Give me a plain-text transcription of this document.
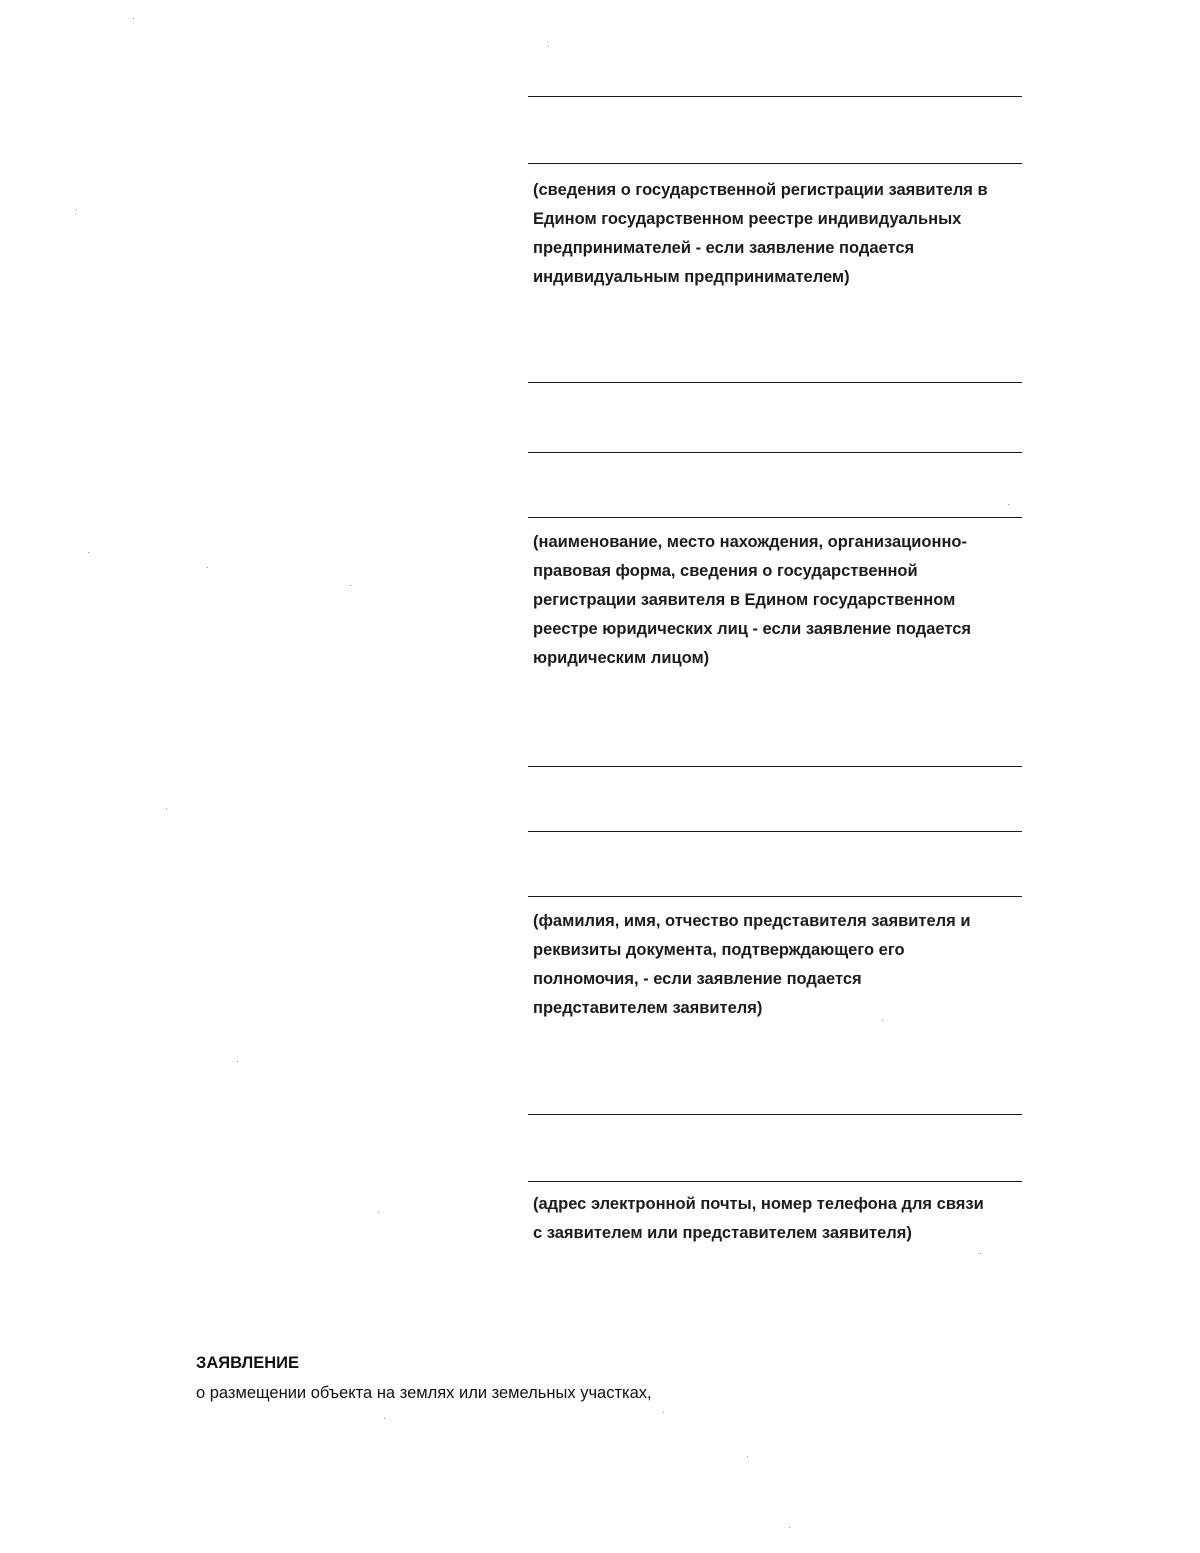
(сведения о государственной регистрации заявителя в
Едином государственном реестре индивидуальных
предпринимателей - если заявление подается
индивидуальным предпринимателем)
(наименование, место нахождения, организационно-
правовая форма, сведения о государственной
регистрации заявителя в Едином государственном
реестре юридических лиц - если заявление подается
юридическим лицом)
(фамилия, имя, отчество представителя заявителя и
реквизиты документа, подтверждающего его
полномочия, - если заявление подается
представителем заявителя)
(адрес электронной почты, номер телефона для связи
с заявителем или представителем заявителя)

ЗАЯВЛЕНИЕ

о размещении объекта на землях или земельных участках,
